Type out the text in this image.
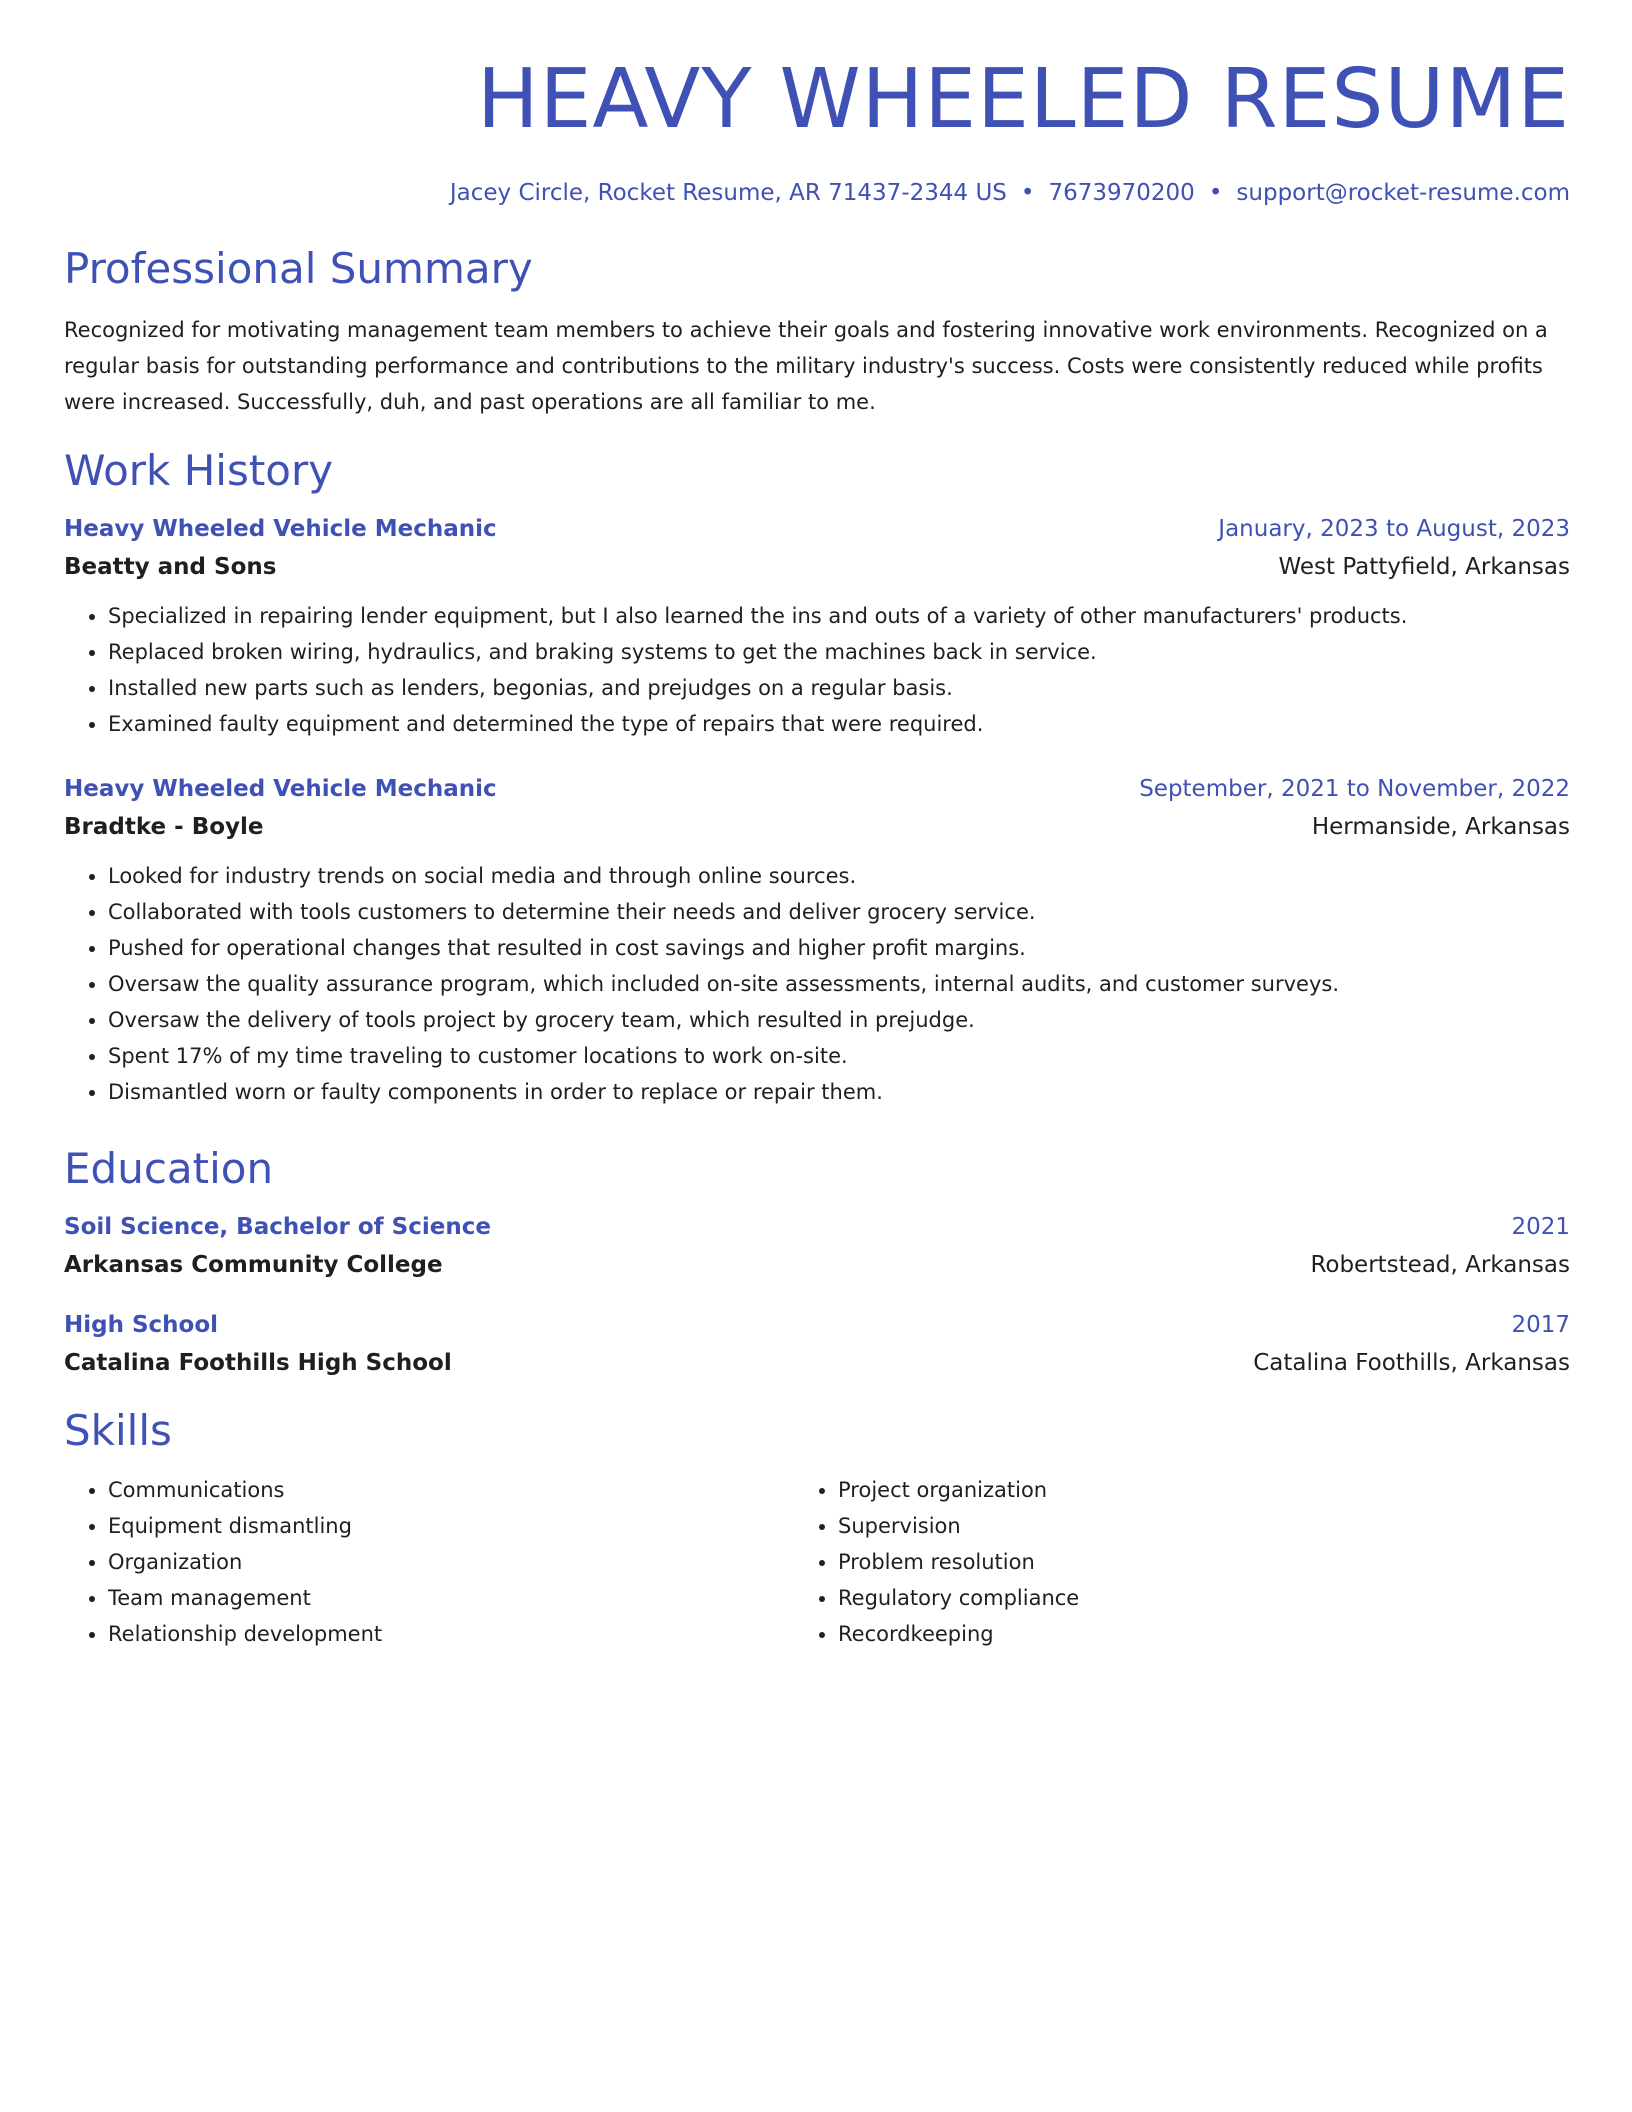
HEAVY WHEELED RESUME
Jacey Circle, Rocket Resume, AR 71437-2344 US • 7673970200 • support@rocket-resume.com
Professional Summary
Recognized for motivating management team members to achieve their goals and fostering innovative work environments. Recognized on a regular basis for outstanding performance and contributions to the military industry's success. Costs were consistently reduced while profits were increased. Successfully, duh, and past operations are all familiar to me.
Work History
Heavy Wheeled Vehicle Mechanic	January, 2023 to August, 2023
Beatty and Sons	West Pattyfield, Arkansas
• Specialized in repairing lender equipment, but I also learned the ins and outs of a variety of other manufacturers' products.
• Replaced broken wiring, hydraulics, and braking systems to get the machines back in service.
• Installed new parts such as lenders, begonias, and prejudges on a regular basis.
• Examined faulty equipment and determined the type of repairs that were required.
Heavy Wheeled Vehicle Mechanic	September, 2021 to November, 2022
Bradtke - Boyle	Hermanside, Arkansas
• Looked for industry trends on social media and through online sources.
• Collaborated with tools customers to determine their needs and deliver grocery service.
• Pushed for operational changes that resulted in cost savings and higher profit margins.
• Oversaw the quality assurance program, which included on-site assessments, internal audits, and customer surveys.
• Oversaw the delivery of tools project by grocery team, which resulted in prejudge.
• Spent 17% of my time traveling to customer locations to work on-site.
• Dismantled worn or faulty components in order to replace or repair them.
Education
Soil Science, Bachelor of Science	2021
Arkansas Community College	Robertstead, Arkansas
High School	2017
Catalina Foothills High School	Catalina Foothills, Arkansas
Skills
• Communications
• Equipment dismantling
• Organization
• Team management
• Relationship development
• Project organization
• Supervision
• Problem resolution
• Regulatory compliance
• Recordkeeping
